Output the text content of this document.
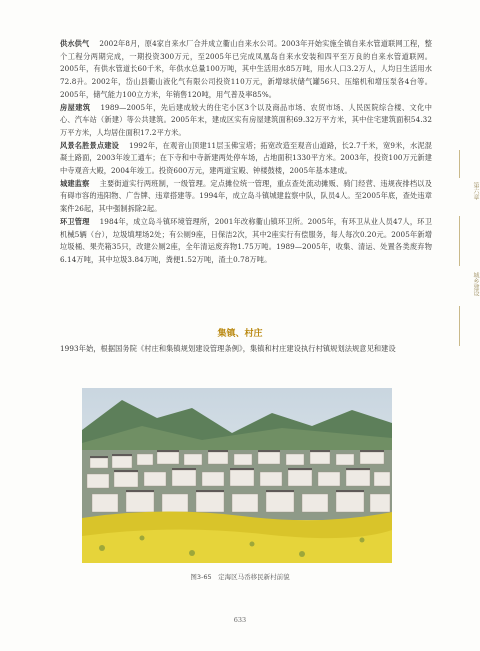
供水供气 2002年8月，原4家自来水厂合并成立衢山自来水公司。2003年开始实施全镇自来水管道联网工程，整个工程分两期完成，一期投资300万元，至2005年已完成凤凰岛自来水安装和四平至万良的自来水管道联网。2005年，有供水管道长60千米，年供水总量100万吨，其中生活用水85万吨，用水人口3.2万人，人均日生活用水72.8升。2002年，岱山县衢山液化气有限公司投资110万元，新增球状储气罐56只、压缩机和增压泵各4台等。2005年，储气能力100立方米，年销售120吨，用气普及率85%。

房屋建筑 1989—2005年，先后建成较大的住宅小区3个以及商品市场、农贸市场、人民医院综合楼、文化中心、汽车站（新建）等公共建筑。2005年末，建成区实有房屋建筑面积69.32万平方米，其中住宅建筑面积54.32万平方米，人均居住面积17.2平方米。

风景名胜景点建设 1992年，在观音山顶建11层玉佛宝塔；拓宽改造至观音山道路，长2.7千米，宽9米，水泥混凝土路面，2003年竣工通车；在下寺和中寺新建两处停车场，占地面积1330平方米。2003年，投资100万元新建中寺观音大殿，2004年竣工。投资600万元，建两道宝殿、钟楼鼓楼，2005年基本建成。

城建监察 主要街道实行两班制，一级管理。定点摊位统一管理，重点查处流动摊贩、骑门经营、违规夜排档以及有碍市容的违阳物、广告牌、违章搭建等。1994年，成立岛斗镇城建监察中队，队员4人。至2005年底，查处违章案件26起，其中强制拆除2起。

环卫管理 1984年，成立岛斗镇环境管理所，2001年改称衢山镇环卫所。2005年，有环卫从业人员47人，环卫机械5辆（台），垃圾填埋场2处；有公厕9座，日保洁2次，其中2座实行有偿服务，每人每次0.20元。2005年新增垃圾桶、果壳箱35只，改建公厕2座，全年清运废弃物1.75万吨。1989—2005年，收集、清运、处置各类废弃物6.14万吨，其中垃圾3.84万吨，粪便1.52万吨，渣土0.78万吨。

集镇、村庄
1993年始，根据国务院《村庄和集镇规划建设管理条例》，集镇和村庄建设执行村镇规划法规意见和建设
第六章
城乡建设
图3-65　定海区马岙移民新村前貌
633
